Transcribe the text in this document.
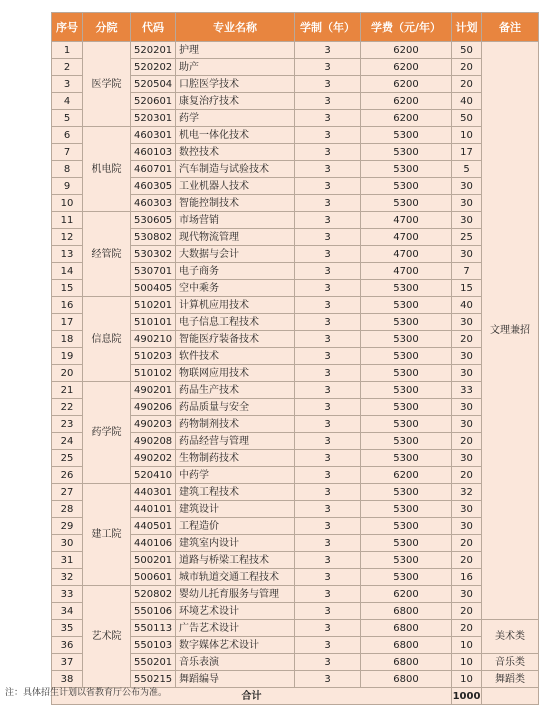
序号	分院	代码	专业名称	学制（年）	学费（元/年）	计划	备注
1	医学院	520201	护理	3	6200	50	文理兼招
2		520202	助产	3	6200	20	
3		520504	口腔医学技术	3	6200	20	
4		520601	康复治疗技术	3	6200	40	
5		520301	药学	3	6200	50	
6	机电院	460301	机电一体化技术	3	5300	10	
7		460103	数控技术	3	5300	17	
8		460701	汽车制造与试验技术	3	5300	5	
9		460305	工业机器人技术	3	5300	30	
10		460303	智能控制技术	3	5300	30	
11	经管院	530605	市场营销	3	4700	30	
12		530802	现代物流管理	3	4700	25	
13		530302	大数据与会计	3	4700	30	
14		530701	电子商务	3	4700	7	
15		500405	空中乘务	3	5300	15	
16	信息院	510201	计算机应用技术	3	5300	40	
17		510101	电子信息工程技术	3	5300	30	
18		490210	智能医疗装备技术	3	5300	20	
19		510203	软件技术	3	5300	30	
20		510102	物联网应用技术	3	5300	30	
21	药学院	490201	药品生产技术	3	5300	33	
22		490206	药品质量与安全	3	5300	30	
23		490203	药物制剂技术	3	5300	30	
24		490208	药品经营与管理	3	5300	20	
25		490202	生物制药技术	3	5300	30	
26		520410	中药学	3	6200	20	
27	建工院	440301	建筑工程技术	3	5300	32	
28		440101	建筑设计	3	5300	30	
29		440501	工程造价	3	5300	30	
30		440106	建筑室内设计	3	5300	20	
31		500201	道路与桥梁工程技术	3	5300	20	
32		500601	城市轨道交通工程技术	3	5300	16	
33	艺术院	520802	婴幼儿托育服务与管理	3	6200	30	
34		550106	环境艺术设计	3	6800	20	
35		550113	广告艺术设计	3	6800	20	美术类
36		550103	数字媒体艺术设计	3	6800	10	
37		550201	音乐表演	3	6800	10	音乐类
38		550215	舞蹈编导	3	6800	10	舞蹈类
合计						1000	
注：具体招生计划以省教育厅公布为准。
